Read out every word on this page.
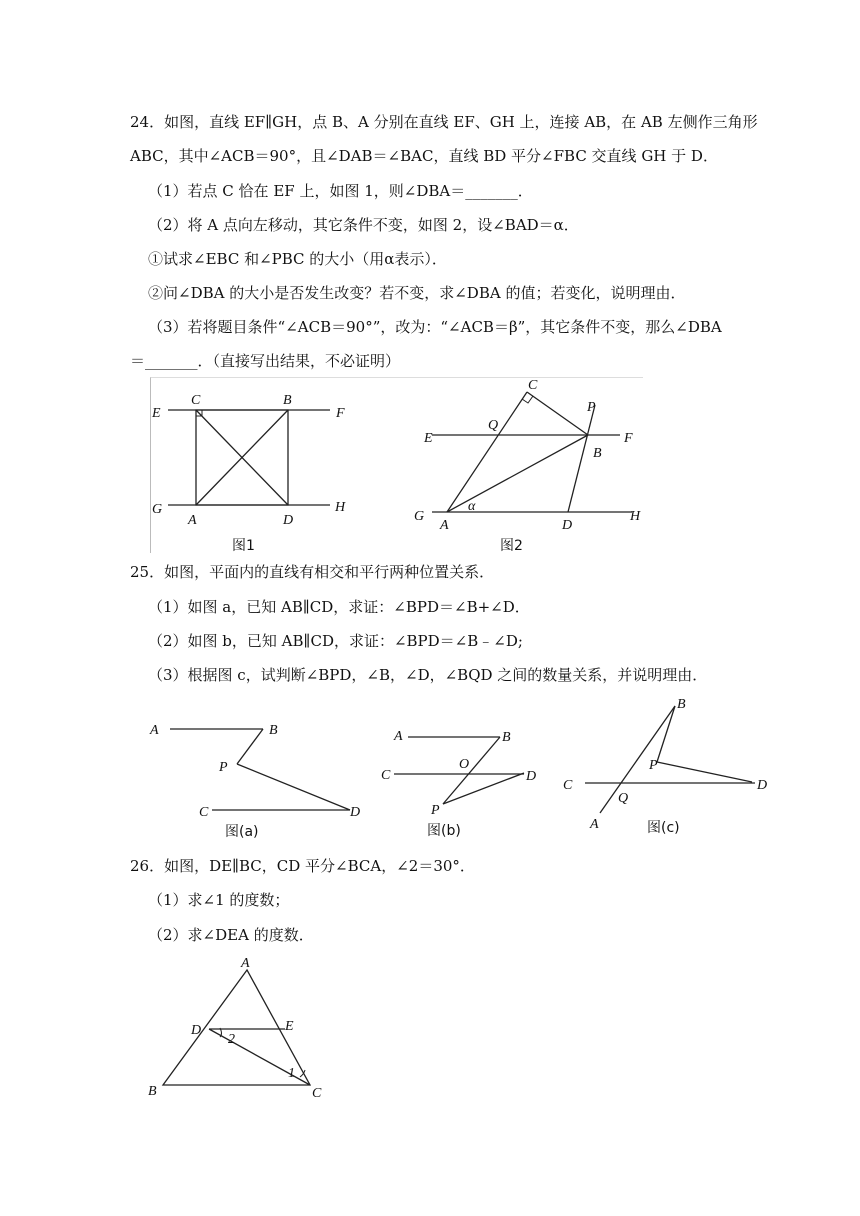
24．如图，直线 EF∥GH，点 B、A 分别在直线 EF、GH 上，连接 AB，在 AB 左侧作三角形
ABC，其中∠ACB＝90°，且∠DAB＝∠BAC，直线 BD 平分∠FBC 交直线 GH 于 D．
（1）若点 C 恰在 EF 上，如图 1，则∠DBA＝_______．
（2）将 A 点向左移动，其它条件不变，如图 2，设∠BAD＝α．
①试求∠EBC 和∠PBC 的大小（用α表示）．
②问∠DBA 的大小是否发生改变？若不变，求∠DBA 的值；若变化，说明理由．
（3）若将题目条件“∠ACB＝90°”，改为：“∠ACB＝β”，其它条件不变，那么∠DBA
＝_______．（直接写出结果，不必证明）
E	F
C	B
G	H
A	D
图1
C
P
Q
E	F
B
G
A
α
D
H
图2
25．如图，平面内的直线有相交和平行两种位置关系．
（1）如图 a，已知 AB∥CD，求证：∠BPD＝∠B+∠D．
（2）如图 b，已知 AB∥CD，求证：∠BPD＝∠B﹣∠D;
（3）根据图 c，试判断∠BPD，∠B，∠D，∠BQD 之间的数量关系，并说明理由．
A	B
P
C	D
图(a)
A	B
O
C	D
P
图(b)
B
P
C	D
Q
A	图(c)
26．如图，DE∥BC，CD 平分∠BCA，∠2＝30°．
（1）求∠1 的度数；
（2）求∠DEA 的度数．
A
D	E
2
1
B	C
